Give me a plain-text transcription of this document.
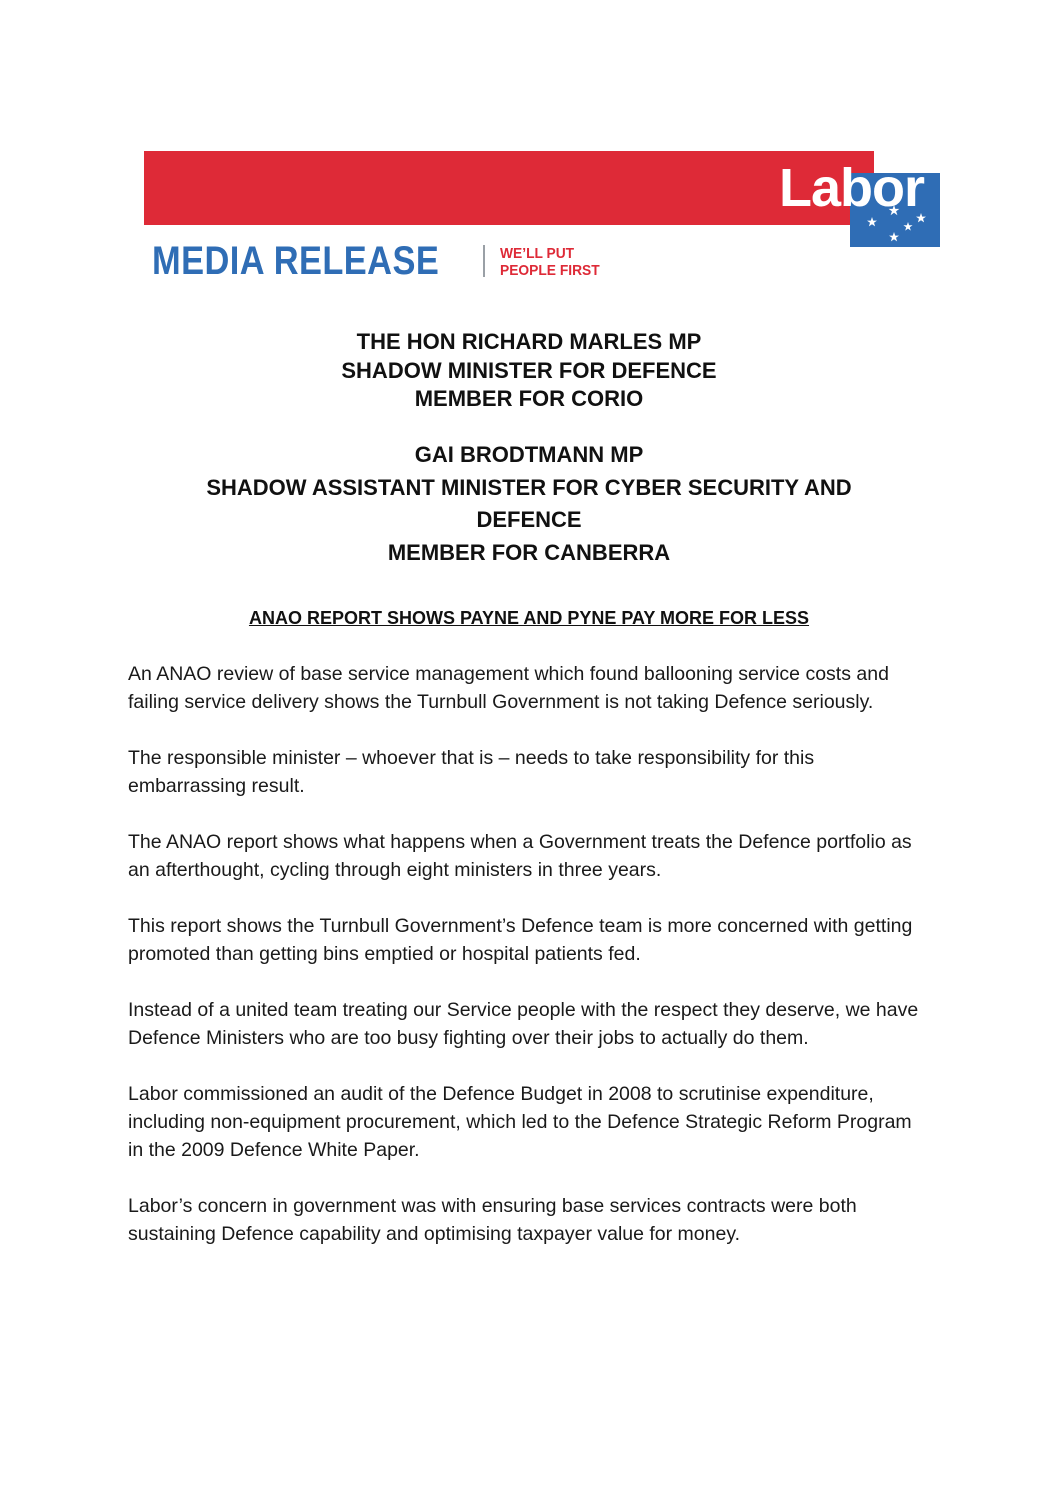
Labor
MEDIA RELEASE	WE’LL PUT
PEOPLE FIRST
THE HON RICHARD MARLES MP
SHADOW MINISTER FOR DEFENCE
MEMBER FOR CORIO
GAI BRODTMANN MP
SHADOW ASSISTANT MINISTER FOR CYBER SECURITY AND
DEFENCE
MEMBER FOR CANBERRA
ANAO REPORT SHOWS PAYNE AND PYNE PAY MORE FOR LESS

An ANAO review of base service management which found ballooning service costs and failing service delivery shows the Turnbull Government is not taking Defence seriously.

The responsible minister – whoever that is – needs to take responsibility for this embarrassing result.

The ANAO report shows what happens when a Government treats the Defence portfolio as an afterthought, cycling through eight ministers in three years.

This report shows the Turnbull Government’s Defence team is more concerned with getting promoted than getting bins emptied or hospital patients fed.

Instead of a united team treating our Service people with the respect they deserve, we have Defence Ministers who are too busy fighting over their jobs to actually do them.

Labor commissioned an audit of the Defence Budget in 2008 to scrutinise expenditure, including non-equipment procurement, which led to the Defence Strategic Reform Program in the 2009 Defence White Paper.

Labor’s concern in government was with ensuring base services contracts were both sustaining Defence capability and optimising taxpayer value for money.
